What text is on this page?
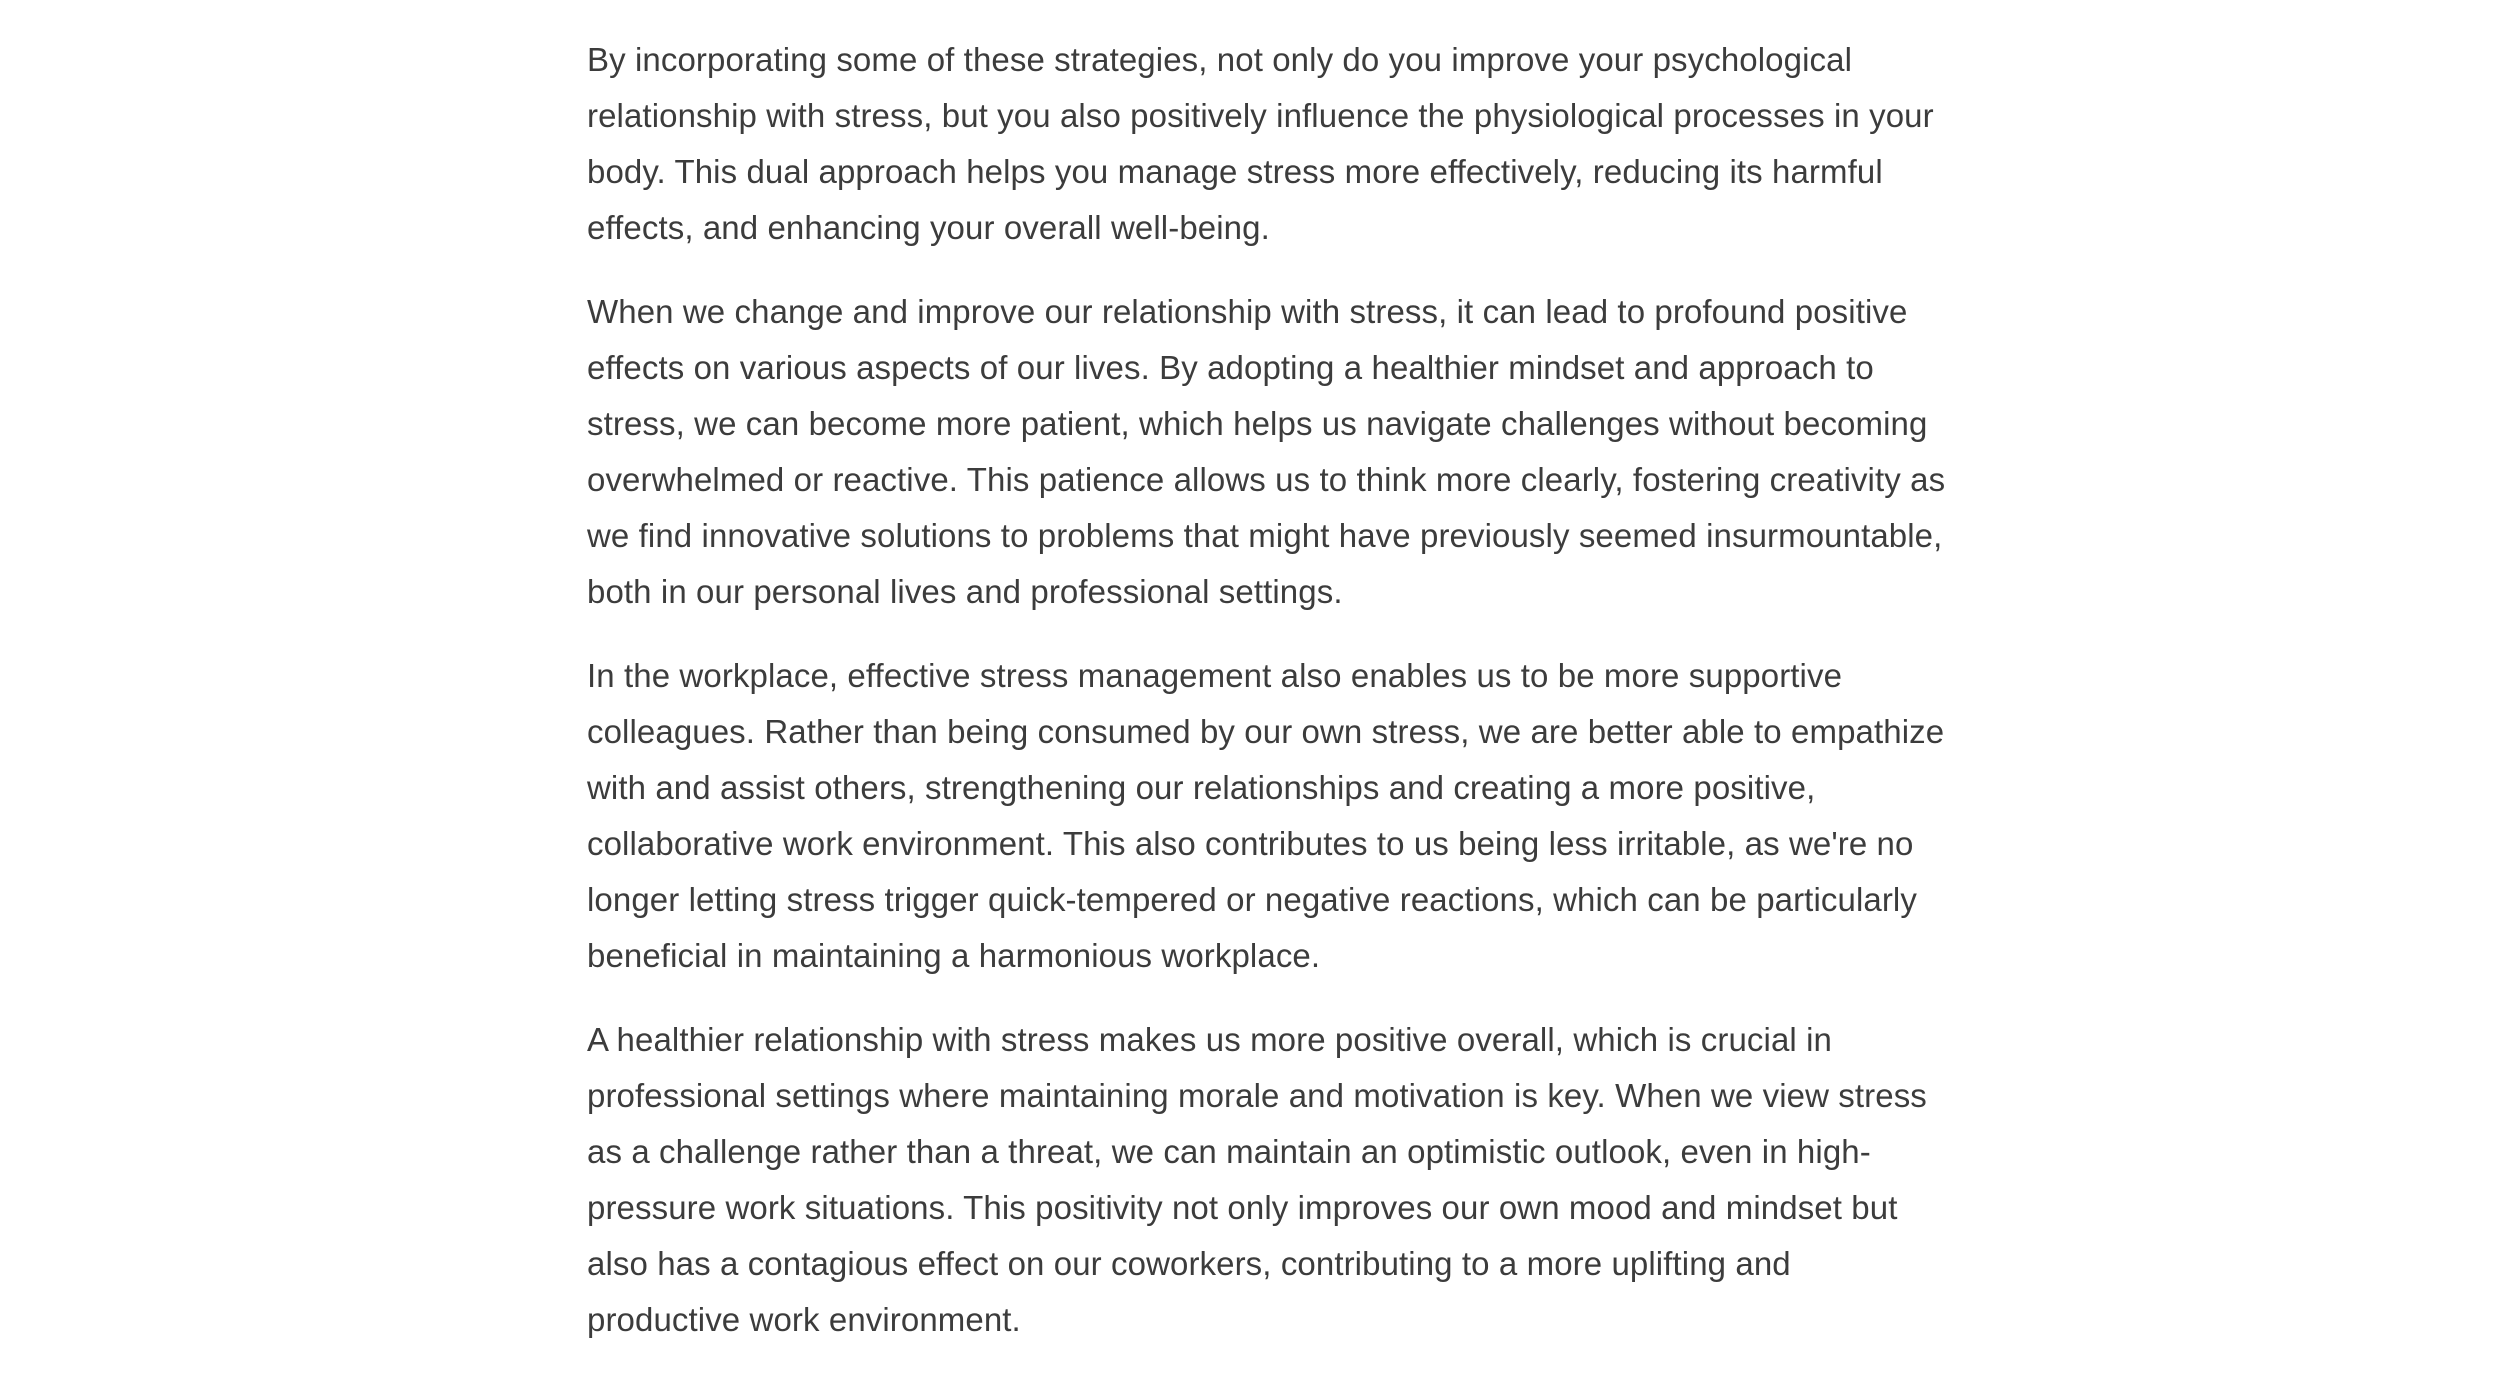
By incorporating some of these strategies, not only do you improve your psychological relationship with stress, but you also positively influence the physiological processes in your body. This dual approach helps you manage stress more effectively, reducing its harmful effects, and enhancing your overall well-being.

When we change and improve our relationship with stress, it can lead to profound positive effects on various aspects of our lives. By adopting a healthier mindset and approach to stress, we can become more patient, which helps us navigate challenges without becoming overwhelmed or reactive. This patience allows us to think more clearly, fostering creativity as we find innovative solutions to problems that might have previously seemed insurmountable, both in our personal lives and professional settings.

In the workplace, effective stress management also enables us to be more supportive colleagues. Rather than being consumed by our own stress, we are better able to empathize with and assist others, strengthening our relationships and creating a more positive, collaborative work environment. This also contributes to us being less irritable, as we're no longer letting stress trigger quick-tempered or negative reactions, which can be particularly beneficial in maintaining a harmonious workplace.

A healthier relationship with stress makes us more positive overall, which is crucial in professional settings where maintaining morale and motivation is key. When we view stress as a challenge rather than a threat, we can maintain an optimistic outlook, even in high-pressure work situations. This positivity not only improves our own mood and mindset but also has a contagious effect on our coworkers, contributing to a more uplifting and productive work environment.
